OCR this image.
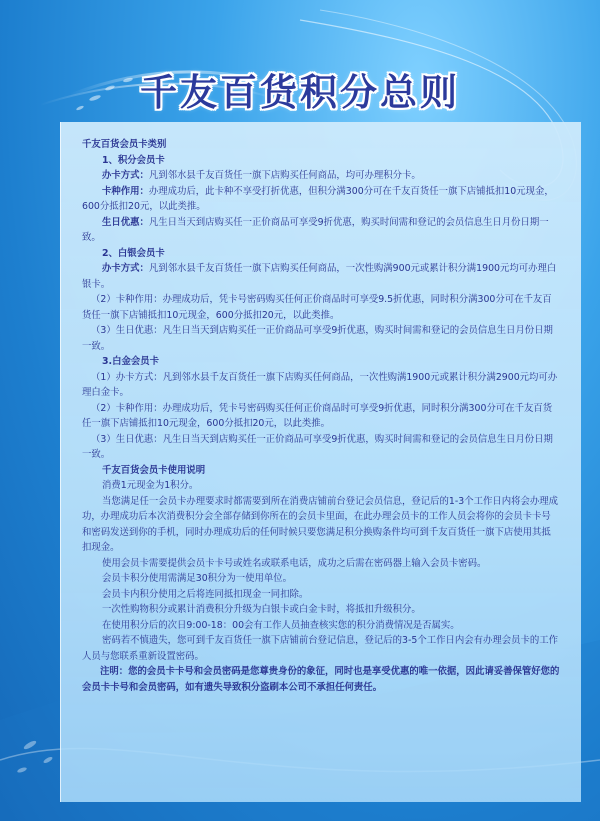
千友百货积分总则

千友百货会员卡类别

1、积分会员卡

办卡方式：凡到邻水县千友百货任一旗下店购买任何商品，均可办理积分卡。

卡种作用：办理成功后，此卡种不享受打折优惠，但积分满300分可在千友百货任一旗下店铺抵扣10元现金，600分抵扣20元，以此类推。

生日优惠：凡生日当天到店购买任一正价商品可享受9折优惠，购买时间需和登记的会员信息生日月份日期一致。

2、白银会员卡

办卡方式：凡到邻水县千友百货任一旗下店购买任何商品，一次性购满900元或累计积分满1900元均可办理白银卡。

（2）卡种作用：办理成功后，凭卡号密码购买任何正价商品时可享受9.5折优惠，同时积分满300分可在千友百货任一旗下店铺抵扣10元现金，600分抵扣20元，以此类推。

（3）生日优惠：凡生日当天到店购买任一正价商品可享受9折优惠，购买时间需和登记的会员信息生日月份日期一致。

3.白金会员卡

（1）办卡方式：凡到邻水县千友百货任一旗下店购买任何商品，一次性购满1900元或累计积分满2900元均可办理白金卡。

（2）卡种作用：办理成功后，凭卡号密码购买任何正价商品时可享受9折优惠，同时积分满300分可在千友百货任一旗下店铺抵扣10元现金，600分抵扣20元，以此类推。

（3）生日优惠：凡生日当天到店购买任一正价商品可享受9折优惠，购买时间需和登记的会员信息生日月份日期一致。

千友百货会员卡使用说明

消费1元现金为1积分。

当您满足任一会员卡办理要求时都需要到所在消费店铺前台登记会员信息，登记后的1-3个工作日内将会办理成功，办理成功后本次消费积分会全部存储到你所在的会员卡里面，在此办理会员卡的工作人员会将你的会员卡卡号和密码发送到你的手机，同时办理成功后的任何时候只要您满足积分换购条件均可到千友百货任一旗下店使用其抵扣现金。

使用会员卡需要提供会员卡卡号或姓名或联系电话，成功之后需在密码器上输入会员卡密码。

会员卡积分使用需满足30积分为一使用单位。

会员卡内积分使用之后将连同抵扣现金一同扣除。

一次性购物积分或累计消费积分升级为白银卡或白金卡时，将抵扣升级积分。

在使用积分后的次日9:00-18：00会有工作人员抽查核实您的积分消费情况是否属实。

密码若不慎遗失，您可到千友百货任一旗下店铺前台登记信息，登记后的3-5个工作日内会有办理会员卡的工作人员与您联系重新设置密码。

注明：您的会员卡卡号和会员密码是您尊贵身份的象征，同时也是享受优惠的唯一依据，因此请妥善保管好您的会员卡卡号和会员密码，如有遗失导致积分盗刷本公司不承担任何责任。
